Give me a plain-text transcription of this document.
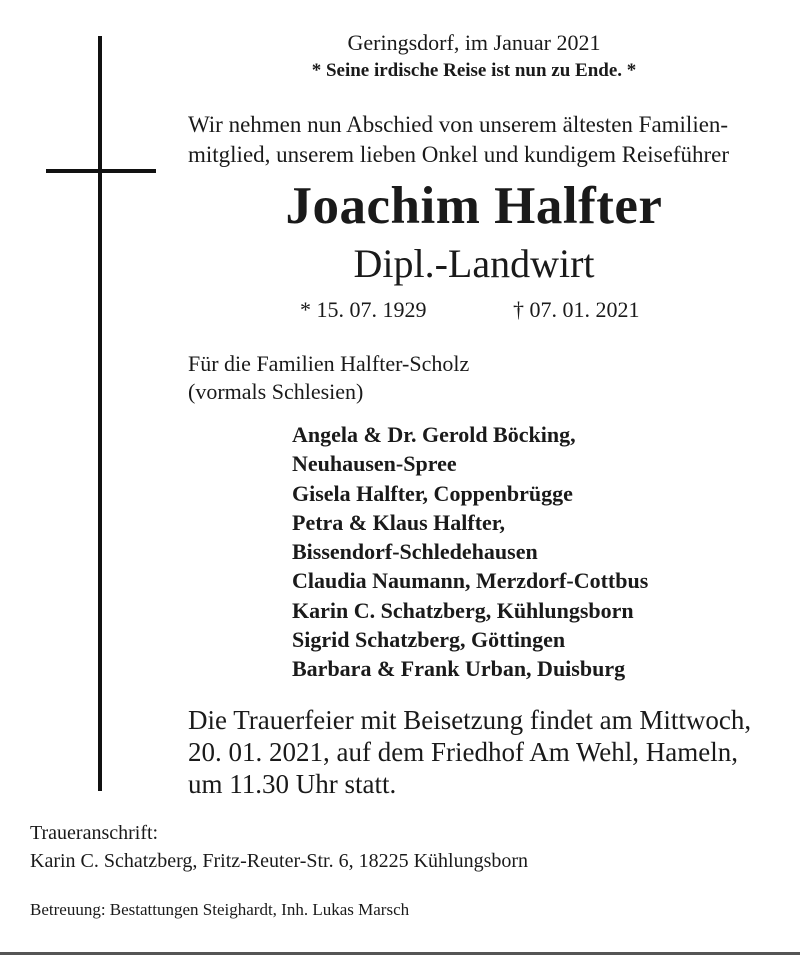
Geringsdorf, im Januar 2021
* Seine irdische Reise ist nun zu Ende. *
Wir nehmen nun Abschied von unserem ältesten Familien-
mitglied, unserem lieben Onkel und kundigem Reiseführer
Joachim Halfter
Dipl.-Landwirt
* 15. 07. 1929	† 07. 01. 2021
Für die Familien Halfter-Scholz
(vormals Schlesien)
Angela & Dr. Gerold Böcking,
Neuhausen-Spree
Gisela Halfter, Coppenbrügge
Petra & Klaus Halfter,
Bissendorf-Schledehausen
Claudia Naumann, Merzdorf-Cottbus
Karin C. Schatzberg, Kühlungsborn
Sigrid Schatzberg, Göttingen
Barbara & Frank Urban, Duisburg
Die Trauerfeier mit Beisetzung findet am Mittwoch,
20. 01. 2021, auf dem Friedhof Am Wehl, Hameln,
um 11.30 Uhr statt.
Traueranschrift:
Karin C. Schatzberg, Fritz-Reuter-Str. 6, 18225 Kühlungsborn
Betreuung: Bestattungen Steighardt, Inh. Lukas Marsch
